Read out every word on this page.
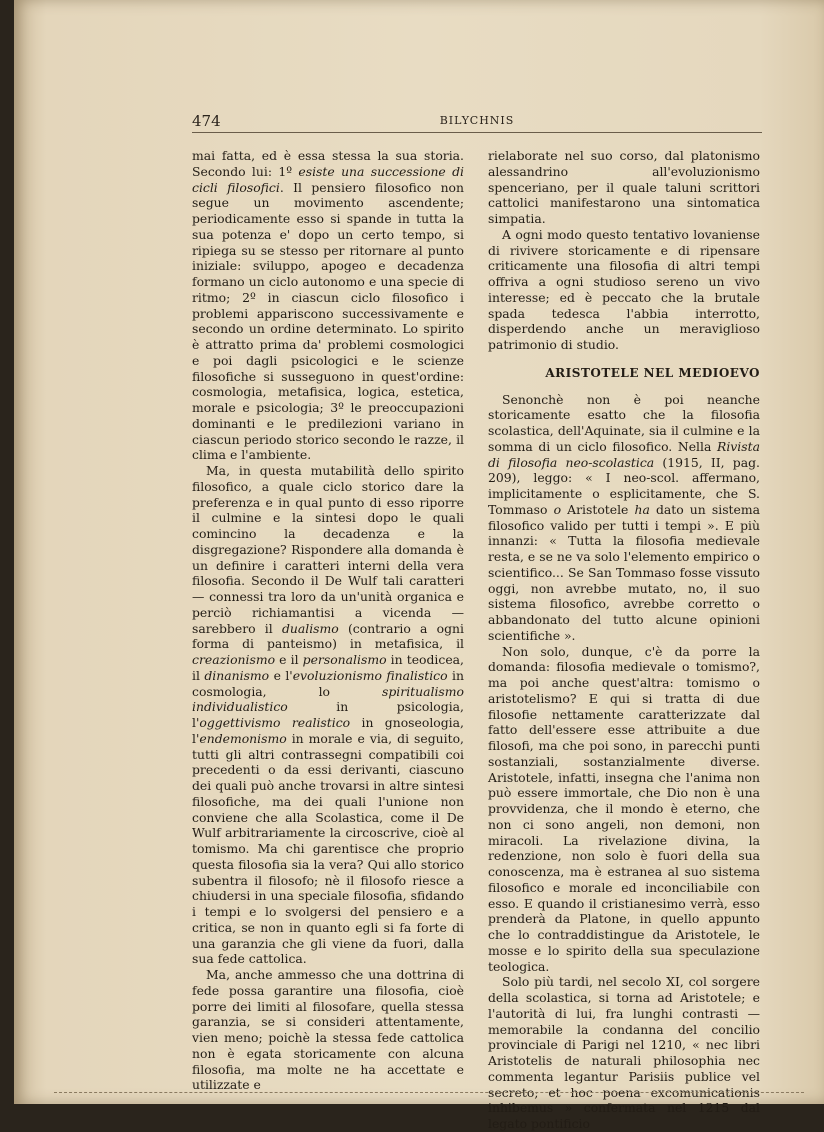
474	BILYCHNIS

mai fatta, ed è essa stessa la sua storia. Secondo lui: 1º esiste una successione di cicli filosofici. Il pensiero filosofico non segue un movimento ascendente; periodicamente esso si spande in tutta la sua potenza e' dopo un certo tempo, si ripiega su se stesso per ritornare al punto iniziale: sviluppo, apogeo e decadenza formano un ciclo autonomo e una specie di ritmo; 2º in ciascun ciclo filosofico i problemi appariscono successivamente e secondo un ordine determinato. Lo spirito è attratto prima da' problemi cosmologici e poi dagli psicologici e le scienze filosofiche si susseguono in quest'ordine: cosmologia, metafisica, logica, estetica, morale e psicologia; 3º le preoccupazioni dominanti e le predilezioni variano in ciascun periodo storico secondo le razze, il clima e l'ambiente.

Ma, in questa mutabilità dello spirito filosofico, a quale ciclo storico dare la preferenza e in qual punto di esso riporre il culmine e la sintesi dopo le quali comincino la decadenza e la disgregazione? Rispondere alla domanda è un definire i caratteri interni della vera filosofia. Secondo il De Wulf tali caratteri — connessi tra loro da un'unità organica e perciò richiamantisi a vicenda — sarebbero il dualismo (contrario a ogni forma di panteismo) in metafisica, il creazionismo e il personalismo in teodicea, il dinanismo e l'evoluzionismo finalistico in cosmologia, lo spiritualismo individualistico in psicologia, l'oggettivismo realistico in gnoseologia, l'endemonismo in morale e via, di seguito, tutti gli altri contrassegni compatibili coi precedenti o da essi derivanti, ciascuno dei quali può anche trovarsi in altre sintesi filosofiche, ma dei quali l'unione non conviene che alla Scolastica, come il De Wulf arbitrariamente la circoscrive, cioè al tomismo. Ma chi garentisce che proprio questa filosofia sia la vera? Qui allo storico subentra il filosofo; nè il filosofo riesce a chiudersi in una speciale filosofia, sfidando i tempi e lo svolgersi del pensiero e a critica, se non in quanto egli si fa forte di una garanzia che gli viene da fuori, dalla sua fede cattolica.

Ma, anche ammesso che una dottrina di fede possa garantire una filosofia, cioè porre dei limiti al filosofare, quella stessa garanzia, se si consideri attentamente, vien meno; poichè la stessa fede cattolica non è egata storicamente con alcuna filosofia, ma molte ne ha accettate e utilizzate e

rielaborate nel suo corso, dal platonismo alessandrino all'evoluzionismo spenceriano, per il quale taluni scrittori cattolici manifestarono una sintomatica simpatia.

A ogni modo questo tentativo lovaniense di rivivere storicamente e di ripensare criticamente una filosofia di altri tempi offriva a ogni studioso sereno un vivo interesse; ed è peccato che la brutale spada tedesca l'abbia interrotto, disperdendo anche un meraviglioso patrimonio di studio.

ARISTOTELE NEL MEDIOEVO

Senonchè non è poi neanche storicamente esatto che la filosofia scolastica, dell'Aquinate, sia il culmine e la somma di un ciclo filosofico. Nella Rivista di filosofia neo-scolastica (1915, II, pag. 209), leggo: « I neo-scol. affermano, implicitamente o esplicitamente, che S. Tommaso o Aristotele ha dato un sistema filosofico valido per tutti i tempi ». E più innanzi: « Tutta la filosofia medievale resta, e se ne va solo l'elemento empirico o scientifico... Se San Tommaso fosse vissuto oggi, non avrebbe mutato, no, il suo sistema filosofico, avrebbe corretto o abbandonato del tutto alcune opinioni scientifiche ».

Non solo, dunque, c'è da porre la domanda: filosofia medievale o tomismo?, ma poi anche quest'altra: tomismo o aristotelismo? E qui si tratta di due filosofie nettamente caratterizzate dal fatto dell'essere esse attribuite a due filosofi, ma che poi sono, in parecchi punti sostanziali, sostanzialmente diverse. Aristotele, infatti, insegna che l'anima non può essere immortale, che Dio non è una provvidenza, che il mondo è eterno, che non ci sono angeli, non demoni, non miracoli. La rivelazione divina, la redenzione, non solo è fuori della sua conoscenza, ma è estranea al suo sistema filosofico e morale ed inconciliabile con esso. E quando il cristianesimo verrà, esso prenderà da Platone, in quello appunto che lo contraddistingue da Aristotele, le mosse e lo spirito della sua speculazione teologica.

Solo più tardi, nel secolo XI, col sorgere della scolastica, si torna ad Aristotele; e l'autorità di lui, fra lunghi contrasti — memorabile la condanna del concilio provinciale di Parigi nel 1210, « nec libri Aristotelis de naturali philosophia nec commenta legantur Parisiis publice vel secreto; et hoc poena excomunicationis inhibemus » confermata nel 1215 dal legato pontificio
